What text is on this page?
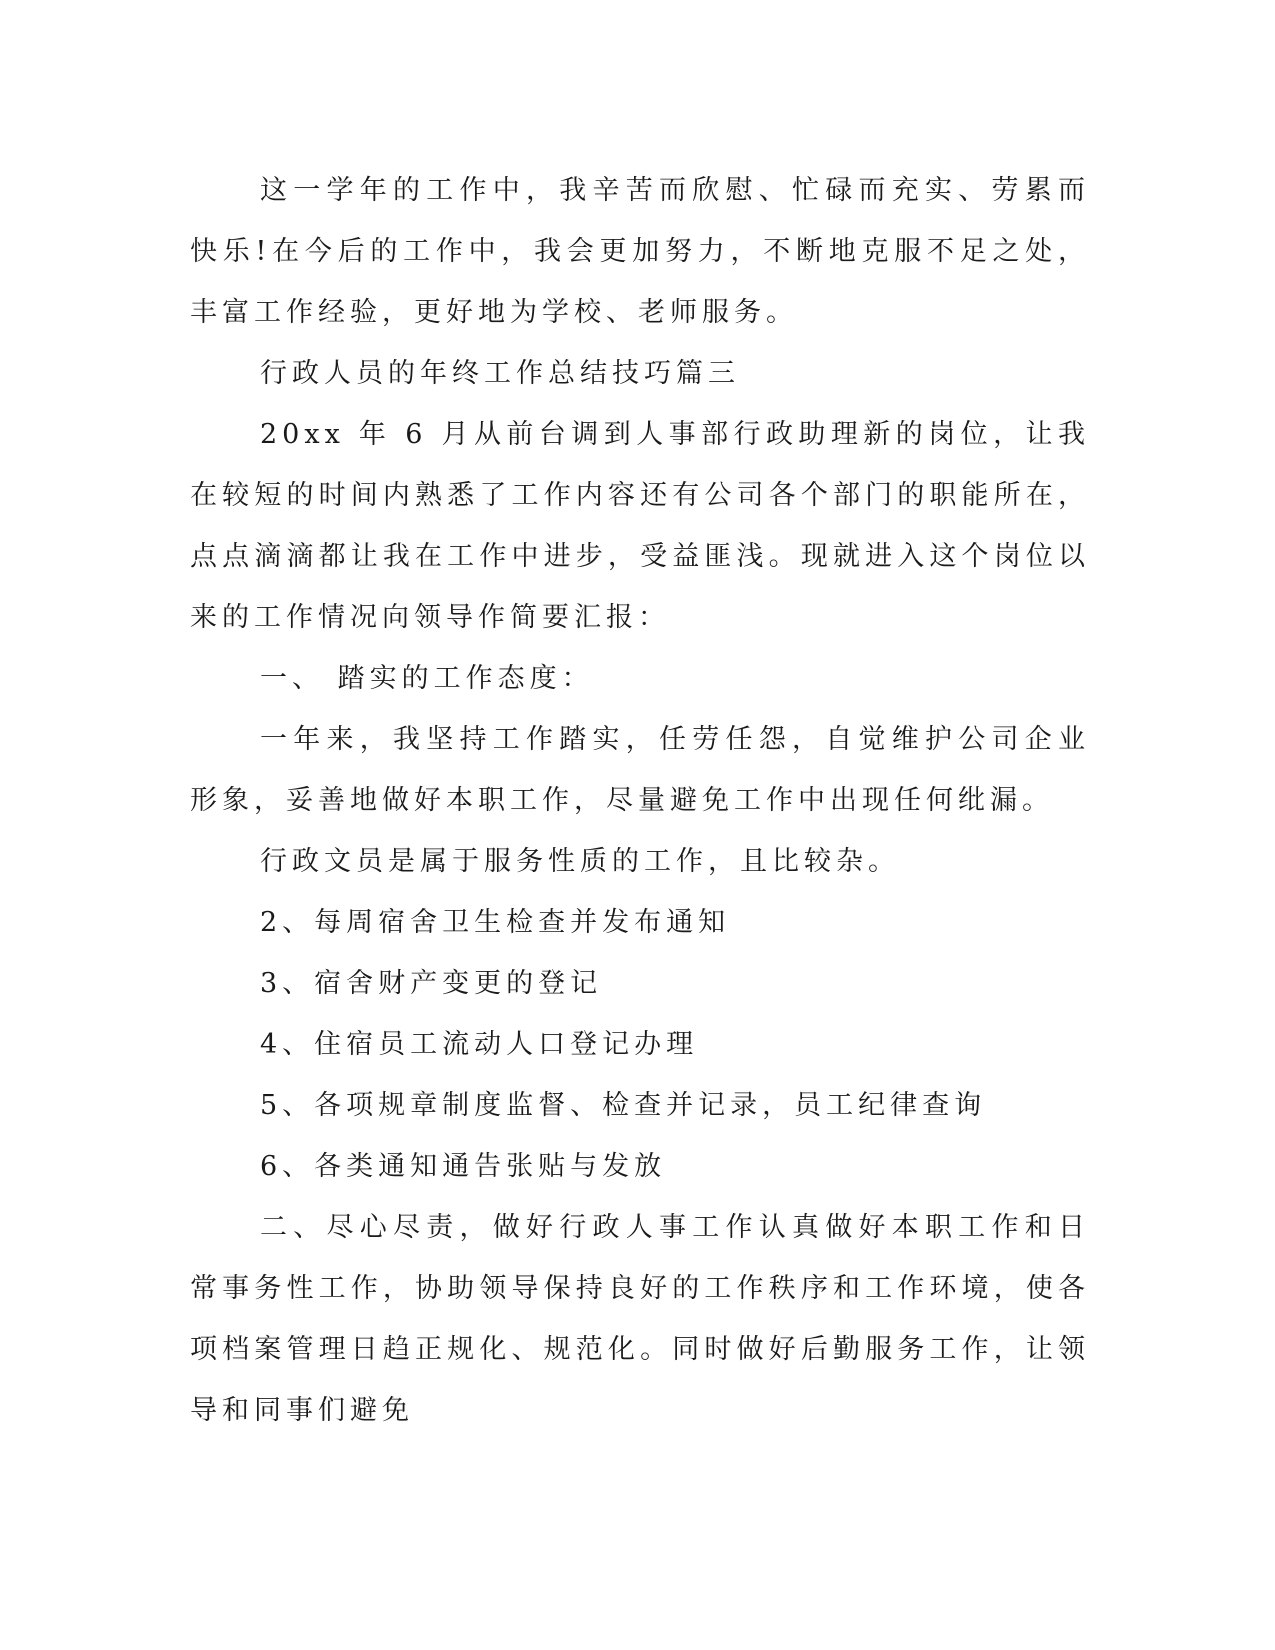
这一学年的工作中，我辛苦而欣慰、忙碌而充实、劳累而快乐!在今后的工作中，我会更加努力，不断地克服不足之处，丰富工作经验，更好地为学校、老师服务。

行政人员的年终工作总结技巧篇三

20xx 年 6 月从前台调到人事部行政助理新的岗位，让我在较短的时间内熟悉了工作内容还有公司各个部门的职能所在，点点滴滴都让我在工作中进步，受益匪浅。现就进入这个岗位以来的工作情况向领导作简要汇报：

一、 踏实的工作态度：

一年来，我坚持工作踏实，任劳任怨，自觉维护公司企业形象，妥善地做好本职工作，尽量避免工作中出现任何纰漏。

行政文员是属于服务性质的工作，且比较杂。

2、每周宿舍卫生检查并发布通知

3、宿舍财产变更的登记

4、住宿员工流动人口登记办理

5、各项规章制度监督、检查并记录，员工纪律查询

6、各类通知通告张贴与发放

二、尽心尽责，做好行政人事工作认真做好本职工作和日常事务性工作，协助领导保持良好的工作秩序和工作环境，使各项档案管理日趋正规化、规范化。同时做好后勤服务工作，让领导和同事们避免
